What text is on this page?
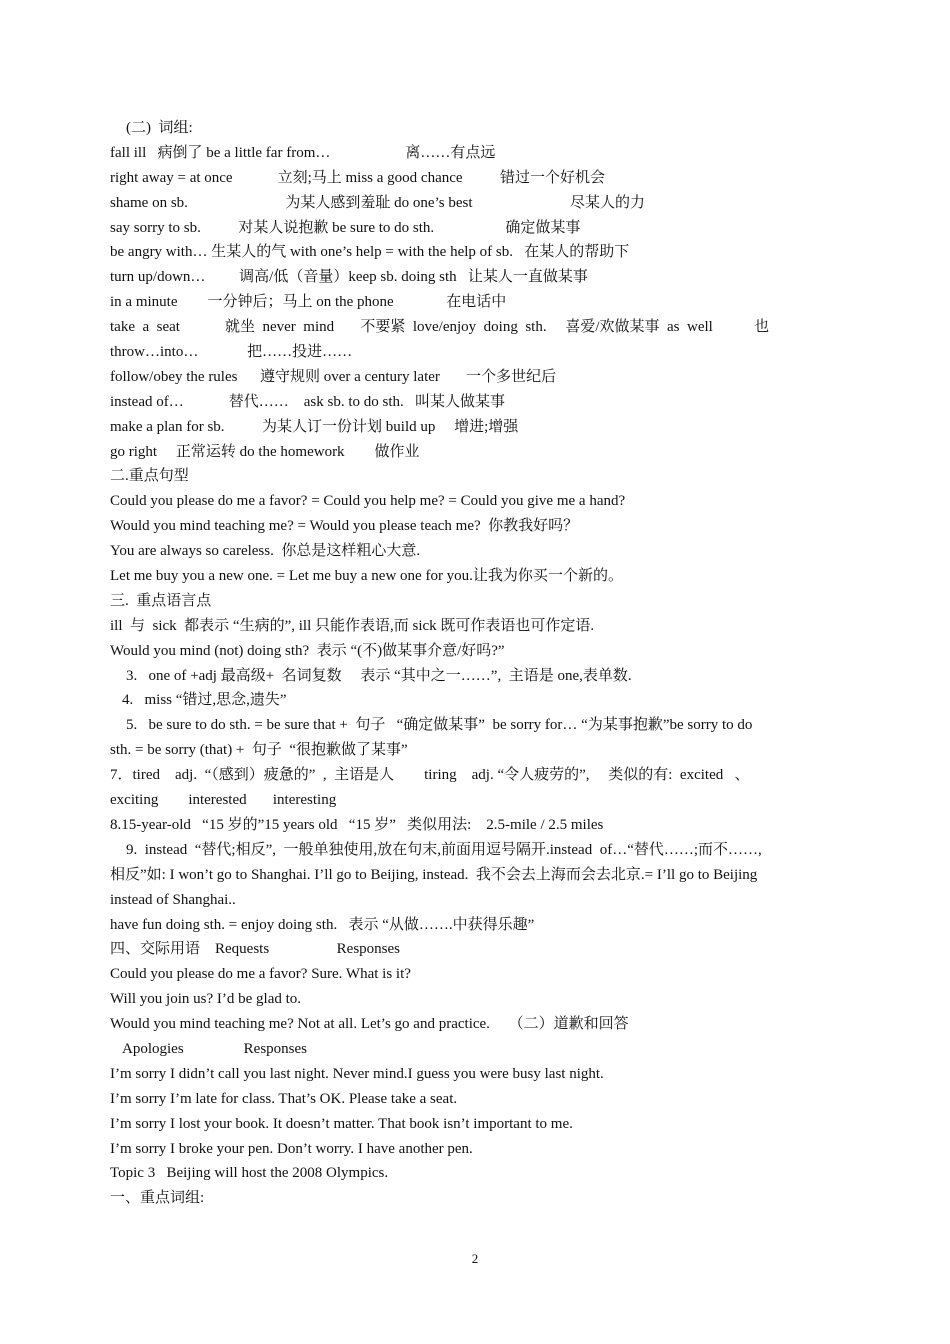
(二)  词组:
fall ill   病倒了 be a little far from…                    离……有点远
right away = at once            立刻;马上 miss a good chance          错过一个好机会
shame on sb.                          为某人感到羞耻 do one’s best                          尽某人的力
say sorry to sb.          对某人说抱歉 be sure to do sth.                   确定做某事
be angry with… 生某人的气 with one’s help = with the help of sb.   在某人的帮助下
turn up/down…         调高/低（音量）keep sb. doing sth   让某人一直做某事
in a minute        一分钟后；马上 on the phone              在电话中
take  a  seat            就坐  never  mind       不要紧  love/enjoy  doing  sth.     喜爱/欢做某事  as  well           也
throw…into…             把……投进……
follow/obey the rules      遵守规则 over a century later       一个多世纪后
instead of…            替代……    ask sb. to do sth.   叫某人做某事
make a plan for sb.          为某人订一份计划 build up     增进;增强
go right     正常运转 do the homework        做作业
二.重点句型
Could you please do me a favor? = Could you help me? = Could you give me a hand?
Would you mind teaching me? = Would you please teach me?  你教我好吗？
You are always so careless.  你总是这样粗心大意.
Let me buy you a new one. = Let me buy a new one for you.让我为你买一个新的。
三.  重点语言点
ill  与  sick  都表示 “生病的”, ill 只能作表语,而 sick 既可作表语也可作定语.
Would you mind (not) doing sth?  表示 “(不)做某事介意/好吗?”
3.   one of +adj 最高级+  名词复数     表示 “其中之一……”,  主语是 one,表单数.
4.   miss “错过,思念,遗失”
5.   be sure to do sth. = be sure that +  句子   “确定做某事”  be sorry for… “为某事抱歉”be sorry to do
sth. = be sorry (that) +  句子  “很抱歉做了某事”
7．tired    adj.  “（感到）疲惫的”  ,  主语是人        tiring    adj. “令人疲劳的”,     类似的有:  excited   、
exciting        interested       interesting
8.15-year-old   “15 岁的”15 years old   “15 岁”   类似用法:    2.5-mile / 2.5 miles
9.  instead  “替代;相反”,  一般单独使用,放在句末,前面用逗号隔开.instead  of…“替代……;而不……,
相反”如: I won’t go to Shanghai. I’ll go to Beijing, instead.  我不会去上海而会去北京.= I’ll go to Beijing
instead of Shanghai..
have fun doing sth. = enjoy doing sth.   表示 “从做…….中获得乐趣”
四、交际用语    Requests                  Responses
Could you please do me a favor? Sure. What is it?
Will you join us? I’d be glad to.
Would you mind teaching me? Not at all. Let’s go and practice.     （二）道歉和回答
Apologies                Responses
I’m sorry I didn’t call you last night. Never mind.I guess you were busy last night.
I’m sorry I’m late for class. That’s OK. Please take a seat.
I’m sorry I lost your book. It doesn’t matter. That book isn’t important to me.
I’m sorry I broke your pen. Don’t worry. I have another pen.
Topic 3   Beijing will host the 2008 Olympics.
一、重点词组:
2
